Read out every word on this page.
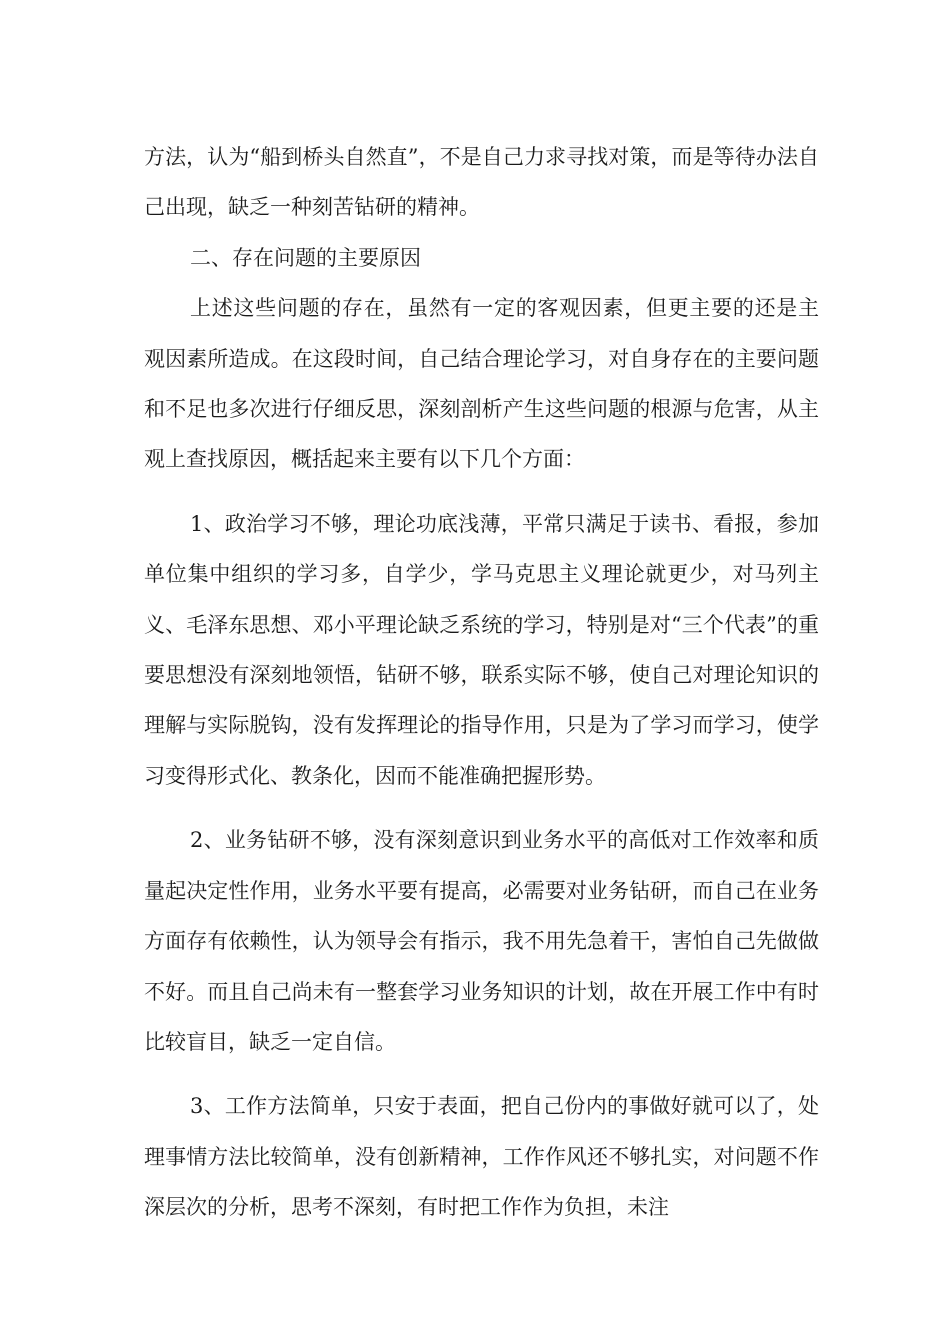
方法，认为“船到桥头自然直”，不是自己力求寻找对策，而是等待办法自己出现，缺乏一种刻苦钻研的精神。

二、存在问题的主要原因

上述这些问题的存在，虽然有一定的客观因素，但更主要的还是主观因素所造成。在这段时间，自己结合理论学习，对自身存在的主要问题和不足也多次进行仔细反思，深刻剖析产生这些问题的根源与危害，从主观上查找原因，概括起来主要有以下几个方面：

1、政治学习不够，理论功底浅薄，平常只满足于读书、看报，参加单位集中组织的学习多，自学少，学马克思主义理论就更少，对马列主义、毛泽东思想、邓小平理论缺乏系统的学习，特别是对“三个代表”的重要思想没有深刻地领悟，钻研不够，联系实际不够，使自己对理论知识的理解与实际脱钩，没有发挥理论的指导作用，只是为了学习而学习，使学习变得形式化、教条化，因而不能准确把握形势。

2、业务钻研不够，没有深刻意识到业务水平的高低对工作效率和质量起决定性作用，业务水平要有提高，必需要对业务钻研，而自己在业务方面存有依赖性，认为领导会有指示，我不用先急着干，害怕自己先做做不好。而且自己尚未有一整套学习业务知识的计划，故在开展工作中有时比较盲目，缺乏一定自信。

3、工作方法简单，只安于表面，把自己份内的事做好就可以了，处理事情方法比较简单，没有创新精神，工作作风还不够扎实，对问题不作深层次的分析，思考不深刻，有时把工作作为负担，未注
